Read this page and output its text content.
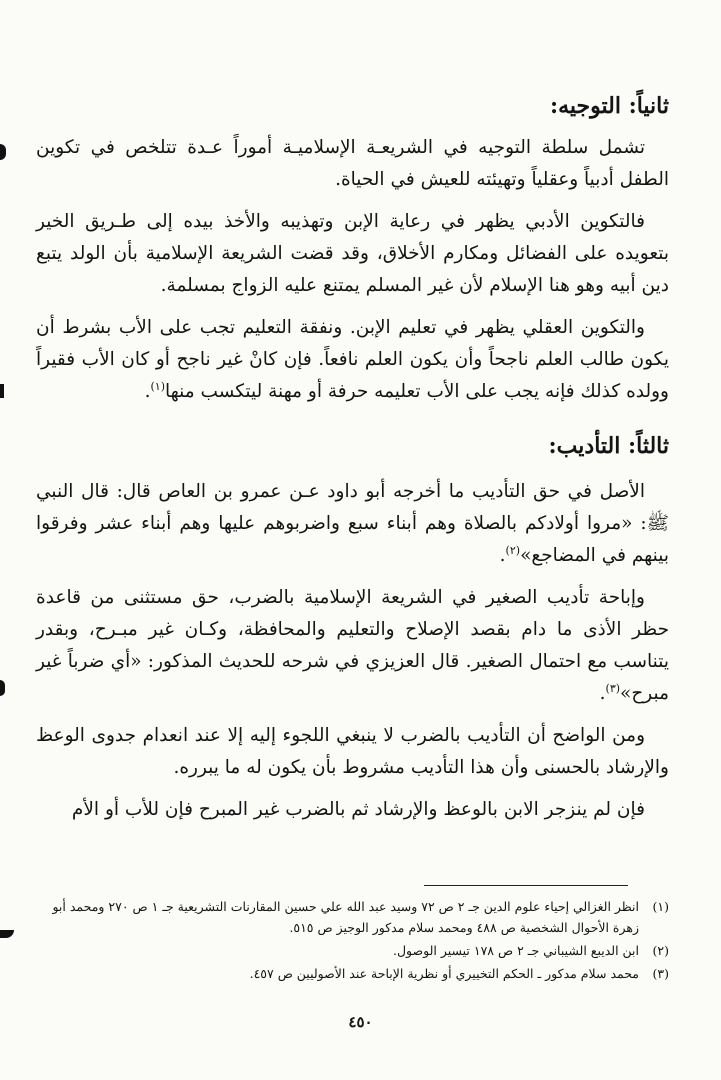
ثانياً: التوجيه:

تشمل سلطة التوجيه في الشريعـة الإسلاميـة أموراً عـدة تتلخص في تكوين الطفل أدبياً وعقلياً وتهيئته للعيش في الحياة.

فالتكوين الأدبي يظهر في رعاية الإبن وتهذيبه والأخذ بيده إلى طـريق الخير بتعويده على الفضائل ومكارم الأخلاق، وقد قضت الشريعة الإسلامية بأن الولد يتبع دين أبيه وهو هنا الإسلام لأن غير المسلم يمتنع عليه الزواج بمسلمة.

والتكوين العقلي يظهر في تعليم الإبن. ونفقة التعليم تجب على الأب بشرط أن يكون طالب العلم ناجحاً وأن يكون العلم نافعاً. فإن كانْ غير ناجح أو كان الأب فقيراً وولده كذلك فإنه يجب على الأب تعليمه حرفة أو مهنة ليتكسب منها$^{(١)}$.

ثالثاً: التأديب:

الأصل في حق التأديب ما أخرجه أبو داود عـن عمرو بن العاص قال: قال النبي ﷺ: «مروا أولادكم بالصلاة وهم أبناء سبع واضربوهم عليها وهم أبناء عشر وفرقوا بينهم في المضاجع»$^{(٢)}$.

وإباحة تأديب الصغير في الشريعة الإسلامية بالضرب، حق مستثنى من قاعدة حظر الأذى ما دام بقصد الإصلاح والتعليم والمحافظة، وكـان غير مبـرح، وبقدر يتناسب مع احتمال الصغير. قال العزيزي في شرحه للحديث المذكور: «أي ضرباً غير مبرح»$^{(٣)}$.

ومن الواضح أن التأديب بالضرب لا ينبغي اللجوء إليه إلا عند انعدام جدوى الوعظ والإرشاد بالحسنى وأن هذا التأديب مشروط بأن يكون له ما يبرره.

فإن لم ينزجر الابن بالوعظ والإرشاد ثم بالضرب غير المبرح فإن للأب أو الأم

(١)
انظر الغزالي إحياء علوم الدين جـ ٢ ص ٧٢ وسيد عبد الله علي حسين المقارنات التشريعية جـ ١ ص ٢٧٠ ومحمد أبو زهرة الأحوال الشخصية ص ٤٨٨ ومحمد سلام مدكور الوجيز ص ٥١٥.
(٢)
ابن الديبع الشيباني جـ ٢ ص ١٧٨ تيسير الوصول.
(٣)
محمد سلام مدكور ـ الحكم التخييري أو نظرية الإباحة عند الأصوليين ص ٤٥٧.
٤٥٠
